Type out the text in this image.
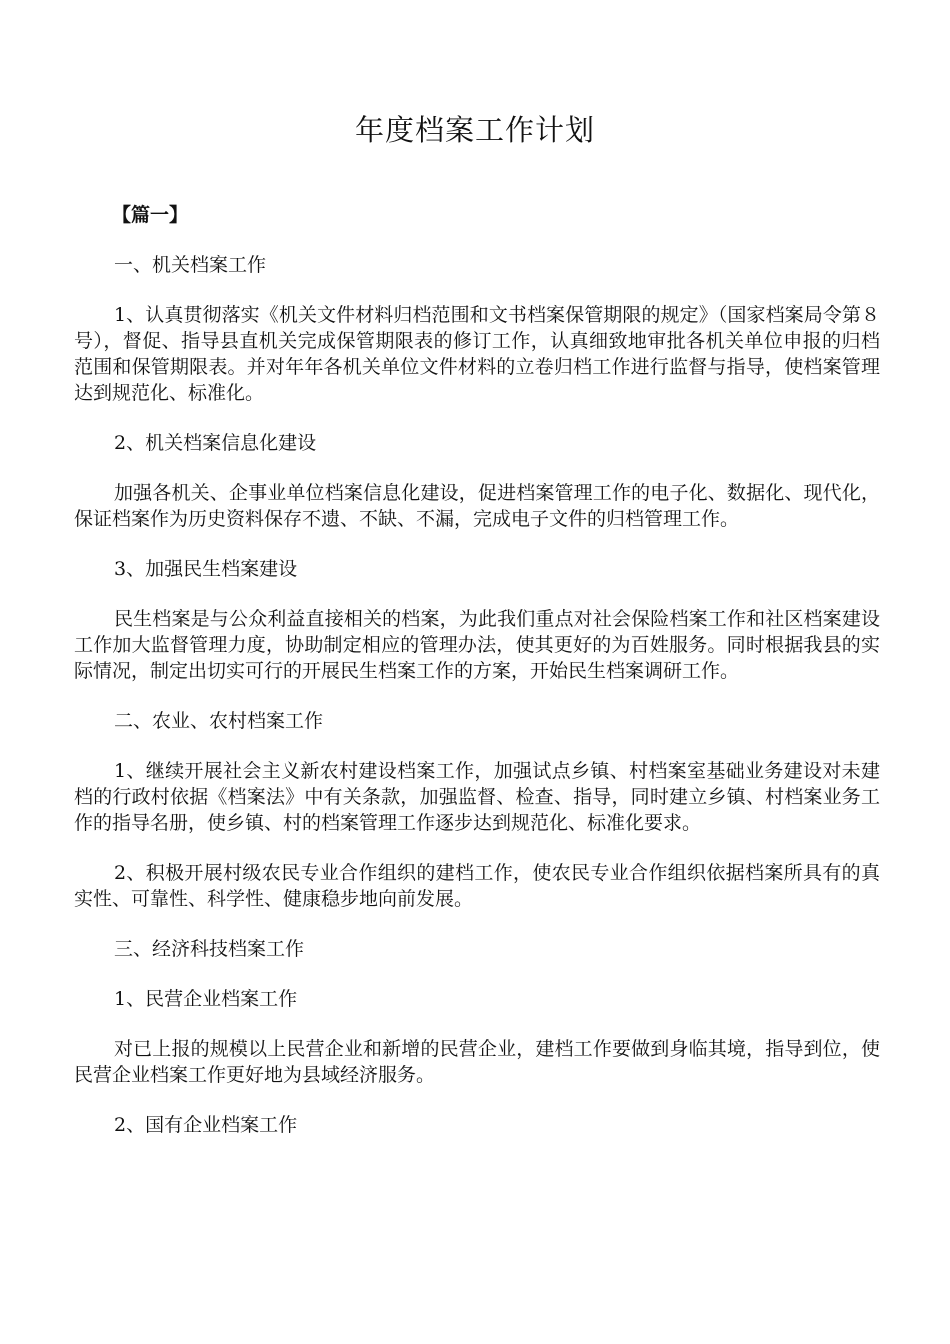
年度档案工作计划

【篇一】

一、机关档案工作

1、认真贯彻落实《机关文件材料归档范围和文书档案保管期限的规定》（国家档案局令第８号），督促、指导县直机关完成保管期限表的修订工作，认真细致地审批各机关单位申报的归档范围和保管期限表。并对年年各机关单位文件材料的立卷归档工作进行监督与指导，使档案管理达到规范化、标准化。

2、机关档案信息化建设

加强各机关、企事业单位档案信息化建设，促进档案管理工作的电子化、数据化、现代化，保证档案作为历史资料保存不遗、不缺、不漏，完成电子文件的归档管理工作。

3、加强民生档案建设

民生档案是与公众利益直接相关的档案，为此我们重点对社会保险档案工作和社区档案建设工作加大监督管理力度，协助制定相应的管理办法，使其更好的为百姓服务。同时根据我县的实际情况，制定出切实可行的开展民生档案工作的方案，开始民生档案调研工作。

二、农业、农村档案工作

1、继续开展社会主义新农村建设档案工作，加强试点乡镇、村档案室基础业务建设对未建档的行政村依据《档案法》中有关条款，加强监督、检查、指导，同时建立乡镇、村档案业务工作的指导名册，使乡镇、村的档案管理工作逐步达到规范化、标准化要求。

2、积极开展村级农民专业合作组织的建档工作，使农民专业合作组织依据档案所具有的真实性、可靠性、科学性、健康稳步地向前发展。

三、经济科技档案工作

1、民营企业档案工作

对已上报的规模以上民营企业和新增的民营企业，建档工作要做到身临其境，指导到位，使民营企业档案工作更好地为县域经济服务。

2、国有企业档案工作
